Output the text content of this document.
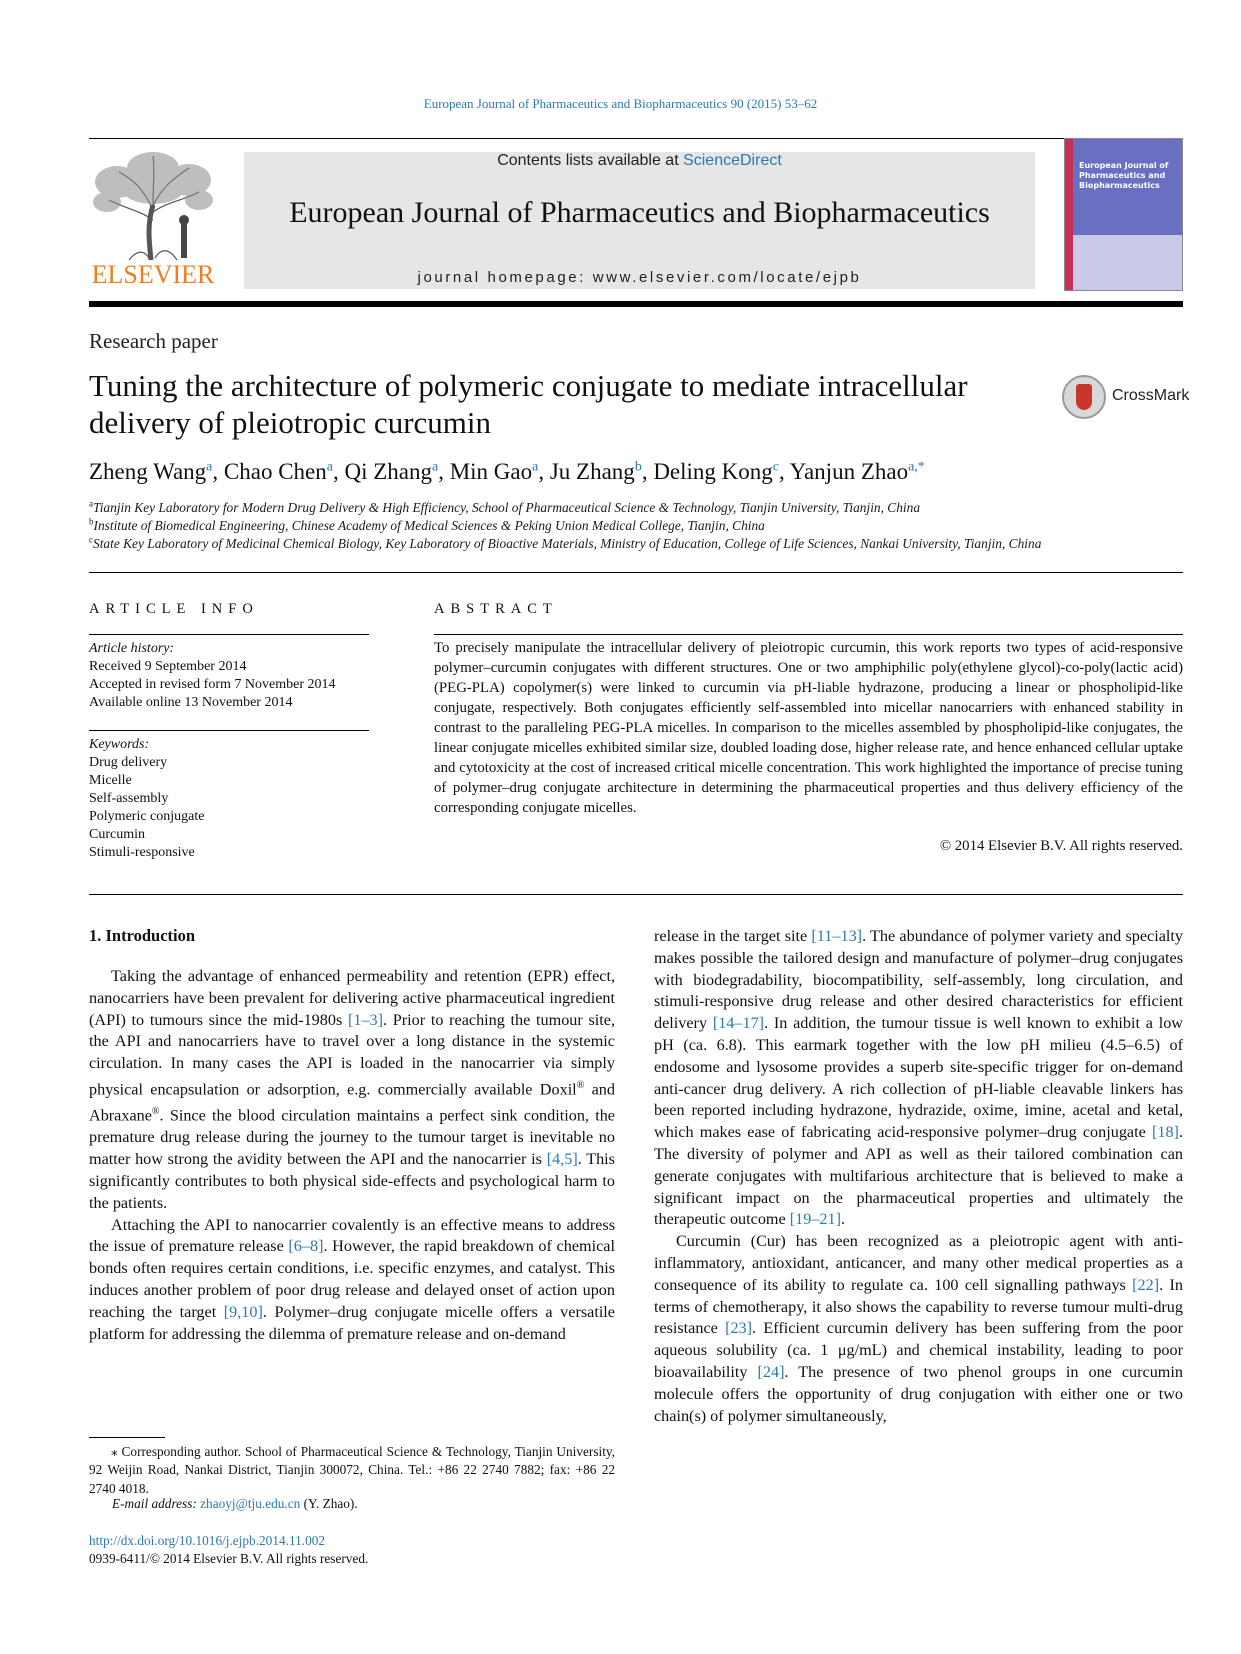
European Journal of Pharmaceutics and Biopharmaceutics 90 (2015) 53–62
ELSEVIER
Contents lists available at ScienceDirect
European Journal of Pharmaceutics and Biopharmaceutics
journal homepage: www.elsevier.com/locate/ejpb
European Journal of Pharmaceutics and Biopharmaceutics
Research paper
Tuning the architecture of polymeric conjugate to mediate intracellular delivery of pleiotropic curcumin
CrossMark
Zheng Wang$^a$, Chao Chen$^a$, Qi Zhang$^a$, Min Gao$^a$, Ju Zhang$^b$, Deling Kong$^c$, Yanjun Zhao$^{a,*}$
$^a$Tianjin Key Laboratory for Modern Drug Delivery & High Efficiency, School of Pharmaceutical Science & Technology, Tianjin University, Tianjin, China
$^b$Institute of Biomedical Engineering, Chinese Academy of Medical Sciences & Peking Union Medical College, Tianjin, China
$^c$State Key Laboratory of Medicinal Chemical Biology, Key Laboratory of Bioactive Materials, Ministry of Education, College of Life Sciences, Nankai University, Tianjin, China
ARTICLE INFO
Article history:
Received 9 September 2014
Accepted in revised form 7 November 2014
Available online 13 November 2014
Keywords:
Drug delivery
Micelle
Self-assembly
Polymeric conjugate
Curcumin
Stimuli-responsive
ABSTRACT
To precisely manipulate the intracellular delivery of pleiotropic curcumin, this work reports two types of acid-responsive polymer–curcumin conjugates with different structures. One or two amphiphilic poly(ethylene glycol)-co-poly(lactic acid) (PEG-PLA) copolymer(s) were linked to curcumin via pH-liable hydrazone, producing a linear or phospholipid-like conjugate, respectively. Both conjugates efficiently self-assembled into micellar nanocarriers with enhanced stability in contrast to the paralleling PEG-PLA micelles. In comparison to the micelles assembled by phospholipid-like conjugates, the linear conjugate micelles exhibited similar size, doubled loading dose, higher release rate, and hence enhanced cellular uptake and cytotoxicity at the cost of increased critical micelle concentration. This work highlighted the importance of precise tuning of polymer–drug conjugate architecture in determining the pharmaceutical properties and thus delivery efficiency of the corresponding conjugate micelles.
© 2014 Elsevier B.V. All rights reserved.
1. Introduction

Taking the advantage of enhanced permeability and retention (EPR) effect, nanocarriers have been prevalent for delivering active pharmaceutical ingredient (API) to tumours since the mid-1980s [1–3]. Prior to reaching the tumour site, the API and nanocarriers have to travel over a long distance in the systemic circulation. In many cases the API is loaded in the nanocarrier via simply physical encapsulation or adsorption, e.g. commercially available Doxil® and Abraxane®. Since the blood circulation maintains a perfect sink condition, the premature drug release during the journey to the tumour target is inevitable no matter how strong the avidity between the API and the nanocarrier is [4,5]. This significantly contributes to both physical side-effects and psychological harm to the patients.

Attaching the API to nanocarrier covalently is an effective means to address the issue of premature release [6–8]. However, the rapid breakdown of chemical bonds often requires certain conditions, i.e. specific enzymes, and catalyst. This induces another problem of poor drug release and delayed onset of action upon reaching the target [9,10]. Polymer–drug conjugate micelle offers a versatile platform for addressing the dilemma of premature release and on-demand

release in the target site [11–13]. The abundance of polymer variety and specialty makes possible the tailored design and manufacture of polymer–drug conjugates with biodegradability, biocompatibility, self-assembly, long circulation, and stimuli-responsive drug release and other desired characteristics for efficient delivery [14–17]. In addition, the tumour tissue is well known to exhibit a low pH (ca. 6.8). This earmark together with the low pH milieu (4.5–6.5) of endosome and lysosome provides a superb site-specific trigger for on-demand anti-cancer drug delivery. A rich collection of pH-liable cleavable linkers has been reported including hydrazone, hydrazide, oxime, imine, acetal and ketal, which makes ease of fabricating acid-responsive polymer–drug conjugate [18]. The diversity of polymer and API as well as their tailored combination can generate conjugates with multifarious architecture that is believed to make a significant impact on the pharmaceutical properties and ultimately the therapeutic outcome [19–21].

Curcumin (Cur) has been recognized as a pleiotropic agent with anti-inflammatory, antioxidant, anticancer, and many other medical properties as a consequence of its ability to regulate ca. 100 cell signalling pathways [22]. In terms of chemotherapy, it also shows the capability to reverse tumour multi-drug resistance [23]. Efficient curcumin delivery has been suffering from the poor aqueous solubility (ca. 1 μg/mL) and chemical instability, leading to poor bioavailability [24]. The presence of two phenol groups in one curcumin molecule offers the opportunity of drug conjugation with either one or two chain(s) of polymer simultaneously,

⁎ Corresponding author. School of Pharmaceutical Science & Technology, Tianjin University, 92 Weijin Road, Nankai District, Tianjin 300072, China. Tel.: +86 22 2740 7882; fax: +86 22 2740 4018.
E-mail address: zhaoyj@tju.edu.cn (Y. Zhao).
http://dx.doi.org/10.1016/j.ejpb.2014.11.002
0939-6411/© 2014 Elsevier B.V. All rights reserved.
